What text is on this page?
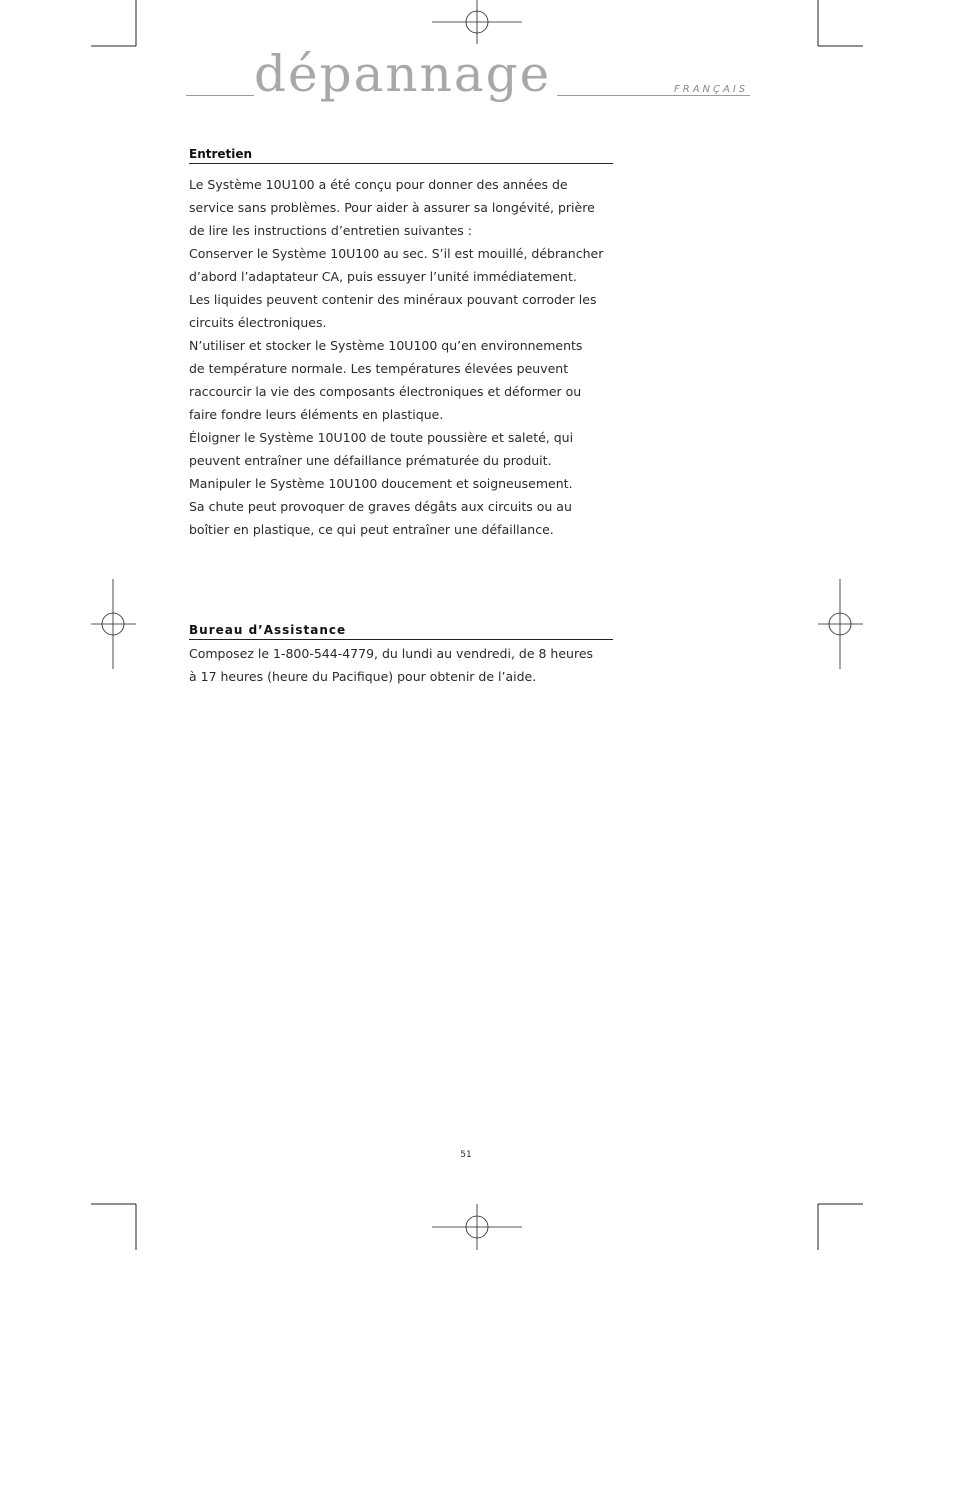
dépannage	FRANÇAIS
Entretien

Le Système 10U100 a été conçu pour donner des années de
service sans problèmes. Pour aider à assurer sa longévité, prière
de lire les instructions d’entretien suivantes :

Conserver le Système 10U100 au sec. S’il est mouillé, débrancher
d’abord l’adaptateur CA, puis essuyer l’unité immédiatement.
Les liquides peuvent contenir des minéraux pouvant corroder les
circuits électroniques.

N’utiliser et stocker le Système 10U100 qu’en environnements
de température normale. Les températures élevées peuvent
raccourcir la vie des composants électroniques et déformer ou
faire fondre leurs éléments en plastique.

Éloigner le Système 10U100 de toute poussière et saleté, qui
peuvent entraîner une défaillance prématurée du produit.

Manipuler le Système 10U100 doucement et soigneusement.
Sa chute peut provoquer de graves dégâts aux circuits ou au
boîtier en plastique, ce qui peut entraîner une défaillance.

Bureau d’Assistance

Composez le 1-800-544-4779, du lundi au vendredi, de 8 heures
à 17 heures (heure du Pacifique) pour obtenir de l’aide.

51
